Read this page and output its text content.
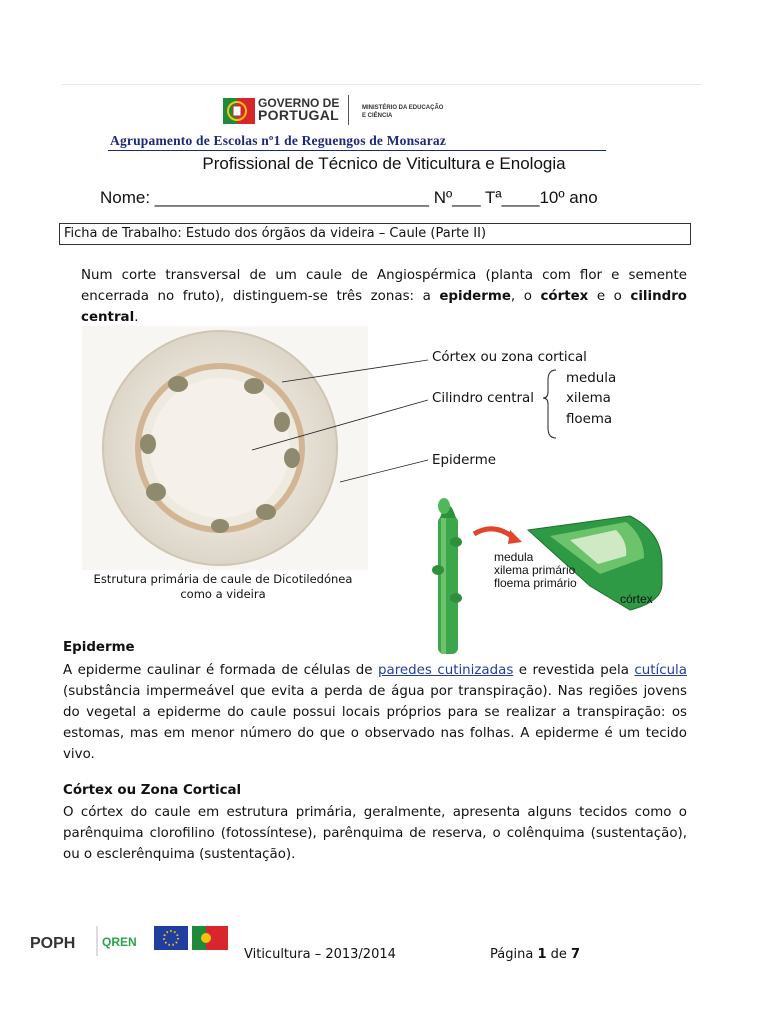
GOVERNO DE
PORTUGAL	MINISTÉRIO DA EDUCAÇÃO
E CIÊNCIA
Agrupamento de Escolas nº1 de Reguengos de Monsaraz
Profissional de Técnico de Viticultura e Enologia
Nome: _____________________________ Nº___ Tª____10º ano
Ficha de Trabalho: Estudo dos órgãos da videira – Caule (Parte II)
Num corte transversal de um caule de Angiospérmica (planta com flor e semente encerrada no fruto), distinguem-se três zonas: a epiderme, o córtex e o cilindro central.
Córtex ou zona cortical
medula
Cilindro central xilema
floema
Epiderme
Estrutura primária de caule de Dicotiledónea
como a videira
medula
xilema primário
floema primário
córtex
Epiderme
A epiderme caulinar é formada de células de paredes cutinizadas e revestida pela cutícula (substância impermeável que evita a perda de água por transpiração). Nas regiões jovens do vegetal a epiderme do caule possui locais próprios para se realizar a transpiração: os estomas, mas em menor número do que o observado nas folhas. A epiderme é um tecido vivo.
Córtex ou Zona Cortical
O córtex do caule em estrutura primária, geralmente, apresenta alguns tecidos como o parênquima clorofilino (fotossíntese), parênquima de reserva, o colênquima (sustentação), ou o esclerênquima (sustentação).
POPH QREN
Viticultura – 2013/2014	Página 1 de 7
